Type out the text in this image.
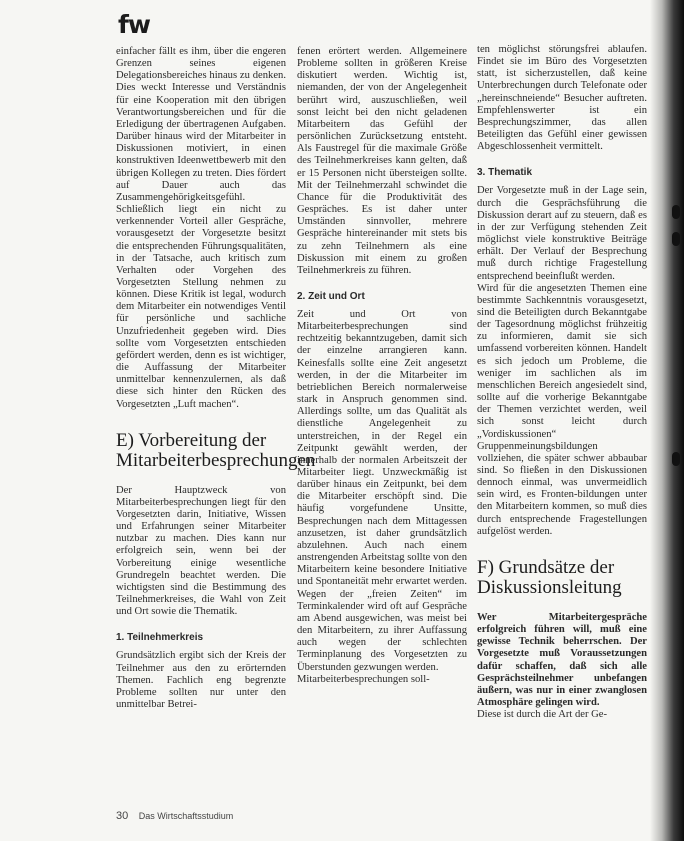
fw

einfacher fällt es ihm, über die engeren Grenzen seines eigenen Delegationsbereiches hinaus zu denken. Dies weckt Interesse und Verständnis für eine Kooperation mit den übrigen Verantwortungsbereichen und für die Erledigung der übertragenen Aufgaben. Darüber hinaus wird der Mitarbeiter in Diskussionen motiviert, in einen konstruktiven Ideenwettbewerb mit den übrigen Kollegen zu treten. Dies fördert auf Dauer auch das Zusammengehörigkeitsgefühl.

Schließlich liegt ein nicht zu verkennender Vorteil aller Gespräche, vorausgesetzt der Vorgesetzte besitzt die entsprechenden Führungsqualitäten, in der Tatsache, auch kritisch zum Verhalten oder Vorgehen des Vorgesetzten Stellung nehmen zu können. Diese Kritik ist legal, wodurch dem Mitarbeiter ein notwendiges Ventil für persönliche und sachliche Unzufriedenheit gegeben wird. Dies sollte vom Vorgesetzten entschieden gefördert werden, denn es ist wichtiger, die Auffassung der Mitarbeiter unmittelbar kennenzulernen, als daß diese sich hinter den Rücken des Vorgesetzten „Luft machen“.

E) Vorbereitung der Mitarbeiterbesprechungen

Der Hauptzweck von Mitarbeiterbesprechungen liegt für den Vorgesetzten darin, Initiative, Wissen und Erfahrungen seiner Mitarbeiter nutzbar zu machen. Dies kann nur erfolgreich sein, wenn bei der Vorbereitung einige wesentliche Grundregeln beachtet werden. Die wichtigsten sind die Bestimmung des Teilnehmerkreises, die Wahl von Zeit und Ort sowie die Thematik.

1. Teilnehmerkreis

Grundsätzlich ergibt sich der Kreis der Teilnehmer aus den zu erörternden Themen. Fachlich eng begrenzte Probleme sollten nur unter den unmittelbar Betrei-

fenen erörtert werden. Allgemeinere Probleme sollten in größeren Kreise diskutiert werden. Wichtig ist, niemanden, der von der Angelegenheit berührt wird, auszuschließen, weil sonst leicht bei den nicht geladenen Mitarbeitern das Gefühl der persönlichen Zurücksetzung entsteht. Als Faustregel für die maximale Größe des Teilnehmerkreises kann gelten, daß er 15 Personen nicht übersteigen sollte. Mit der Teilnehmerzahl schwindet die Chance für die Produktivität des Gespräches. Es ist daher unter Umständen sinnvoller, mehrere Gespräche hintereinander mit stets bis zu zehn Teilnehmern als eine Diskussion mit einem zu großen Teilnehmerkreis zu führen.

2. Zeit und Ort

Zeit und Ort von Mitarbeiterbesprechungen sind rechtzeitig bekanntzugeben, damit sich der einzelne arrangieren kann. Keinesfalls sollte eine Zeit angesetzt werden, in der die Mitarbeiter im betrieblichen Bereich normalerweise stark in Anspruch genommen sind. Allerdings sollte, um das Qualität als dienstliche Angelegenheit zu unterstreichen, in der Regel ein Zeitpunkt gewählt werden, der innerhalb der normalen Arbeitszeit der Mitarbeiter liegt. Unzweckmäßig ist darüber hinaus ein Zeitpunkt, bei dem die Mitarbeiter erschöpft sind. Die häufig vorgefundene Unsitte, Besprechungen nach dem Mittagessen anzusetzen, ist daher grundsätzlich abzulehnen. Auch nach einem anstrengenden Arbeitstag sollte von den Mitarbeitern keine besondere Initiative und Spontaneität mehr erwartet werden. Wegen der „freien Zeiten“ im Terminkalender wird oft auf Gespräche am Abend ausgewichen, was meist bei den Mitarbeitern, zu ihrer Auffassung auch wegen der schlechten Terminplanung des Vorgesetzten zu Überstunden gezwungen werden.

Mitarbeiterbesprechungen soll-

ten möglichst störungsfrei ablaufen. Findet sie im Büro des Vorgesetzten statt, ist sicherzustellen, daß keine Unterbrechungen durch Telefonate oder „hereinschneiende“ Besucher auftreten. Empfehlenswerter ist ein Besprechungszimmer, das allen Beteiligten das Gefühl einer gewissen Abgeschlossenheit vermittelt.

3. Thematik

Der Vorgesetzte muß in der Lage sein, durch die Gesprächsführung die Diskussion derart auf zu steuern, daß es in der zur Verfügung stehenden Zeit möglichst viele konstruktive Beiträge erhält. Der Verlauf der Besprechung muß durch richtige Fragestellung entsprechend beeinflußt werden.

Wird für die angesetzten Themen eine bestimmte Sachkenntnis vorausgesetzt, sind die Beteiligten durch Bekanntgabe der Tagesordnung möglichst frühzeitig zu informieren, damit sie sich umfassend vorbereiten können. Handelt es sich jedoch um Probleme, die weniger im sachlichen als im menschlichen Bereich angesiedelt sind, sollte auf die vorherige Bekanntgabe der Themen verzichtet werden, weil sich sonst leicht durch „Vordiskussionen“ Gruppenmeinungsbildungen vollziehen, die später schwer abbaubar sind. So fließen in den Diskussionen dennoch einmal, was unvermeidlich sein wird, es Fronten-bildungen unter den Mitarbeitern kommen, so muß dies durch entsprechende Fragestellungen aufgelöst werden.

F) Grundsätze der Diskussionsleitung

Wer Mitarbeitergespräche erfolgreich führen will, muß eine gewisse Technik beherrschen. Der Vorgesetzte muß Voraussetzungen dafür schaffen, daß sich alle Gesprächsteilnehmer unbefangen äußern, was nur in einer zwanglosen Atmosphäre gelingen wird.

Diese ist durch die Art der Ge-

30 Das Wirtschaftsstudium
